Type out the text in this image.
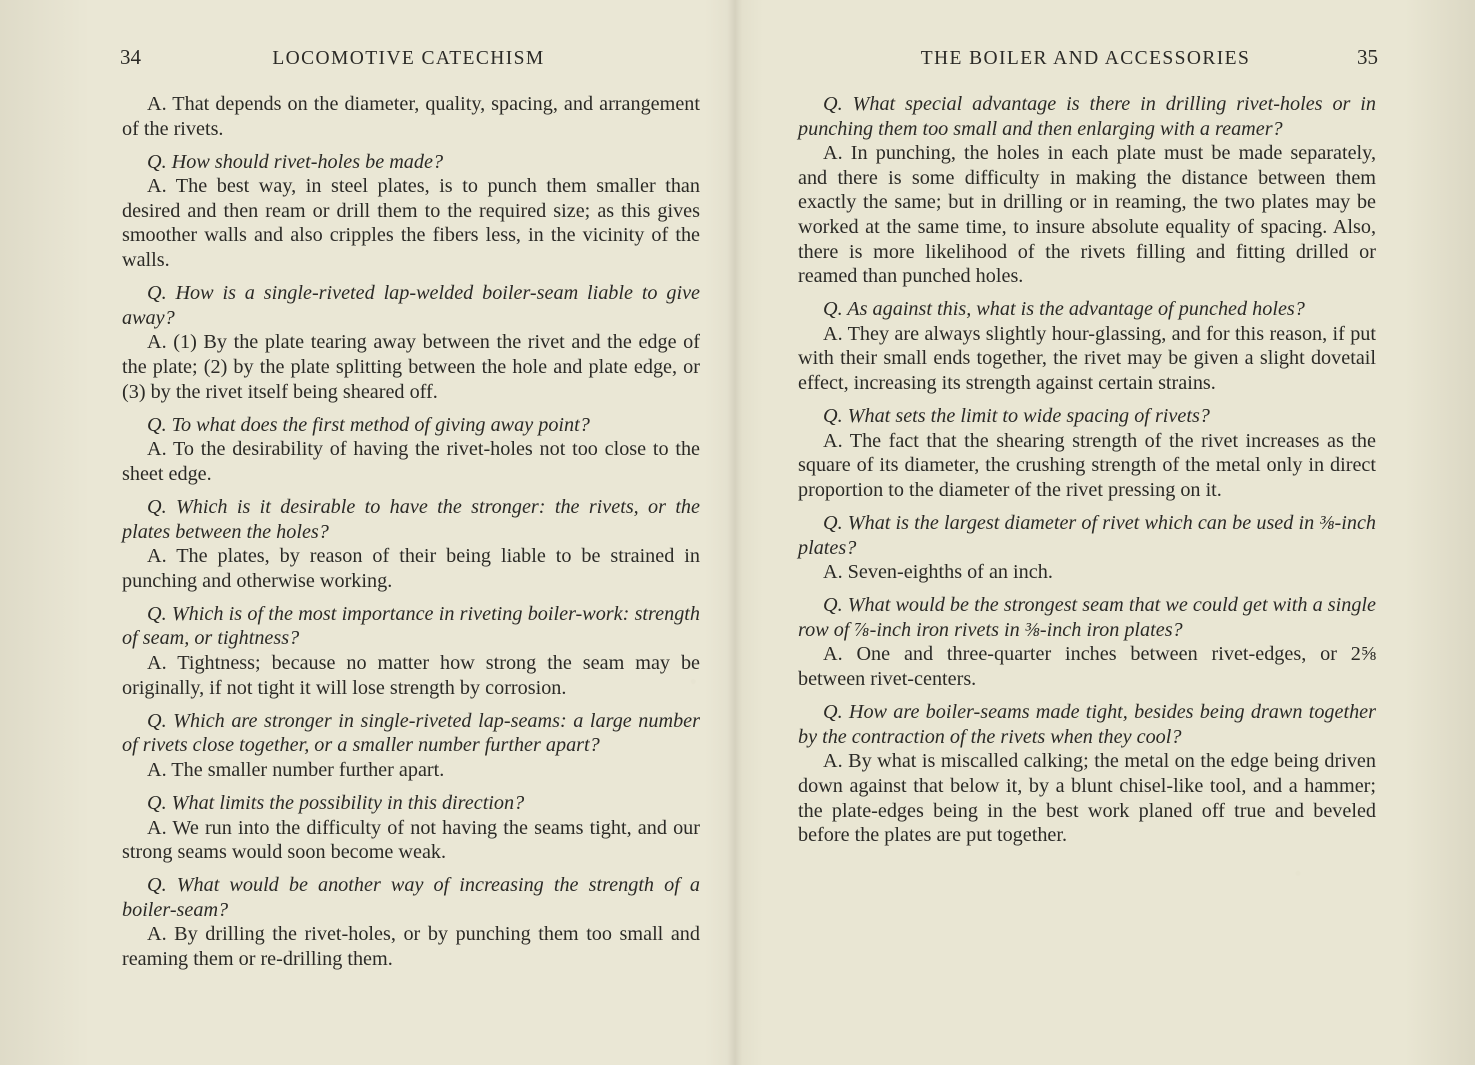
34	LOCOMOTIVE CATECHISM	THE BOILER AND ACCESSORIES	35

A. That depends on the diameter, quality, spacing, and arrangement of the rivets.

Q. How should rivet-holes be made?

A. The best way, in steel plates, is to punch them smaller than desired and then ream or drill them to the required size; as this gives smoother walls and also cripples the fibers less, in the vicinity of the walls.

Q. How is a single-riveted lap-welded boiler-seam liable to give away?

A. (1) By the plate tearing away between the rivet and the edge of the plate; (2) by the plate splitting between the hole and plate edge, or (3) by the rivet itself being sheared off.

Q. To what does the first method of giving away point?

A. To the desirability of having the rivet-holes not too close to the sheet edge.

Q. Which is it desirable to have the stronger: the rivets, or the plates between the holes?

A. The plates, by reason of their being liable to be strained in punching and otherwise working.

Q. Which is of the most importance in riveting boiler-work: strength of seam, or tightness?

A. Tightness; because no matter how strong the seam may be originally, if not tight it will lose strength by corrosion.

Q. Which are stronger in single-riveted lap-seams: a large number of rivets close together, or a smaller number further apart?

A. The smaller number further apart.

Q. What limits the possibility in this direction?

A. We run into the difficulty of not having the seams tight, and our strong seams would soon become weak.

Q. What would be another way of increasing the strength of a boiler-seam?

A. By drilling the rivet-holes, or by punching them too small and reaming them or re-drilling them.

Q. What special advantage is there in drilling rivet-holes or in punching them too small and then enlarging with a reamer?

A. In punching, the holes in each plate must be made separately, and there is some difficulty in making the distance between them exactly the same; but in drilling or in reaming, the two plates may be worked at the same time, to insure absolute equality of spacing. Also, there is more likelihood of the rivets filling and fitting drilled or reamed than punched holes.

Q. As against this, what is the advantage of punched holes?

A. They are always slightly hour-glassing, and for this reason, if put with their small ends together, the rivet may be given a slight dovetail effect, increasing its strength against certain strains.

Q. What sets the limit to wide spacing of rivets?

A. The fact that the shearing strength of the rivet increases as the square of its diameter, the crushing strength of the metal only in direct proportion to the diameter of the rivet pressing on it.

Q. What is the largest diameter of rivet which can be used in ⅜-inch plates?

A. Seven-eighths of an inch.

Q. What would be the strongest seam that we could get with a single row of ⅞-inch iron rivets in ⅜-inch iron plates?

A. One and three-quarter inches between rivet-edges, or 2⅝ between rivet-centers.

Q. How are boiler-seams made tight, besides being drawn together by the contraction of the rivets when they cool?

A. By what is miscalled calking; the metal on the edge being driven down against that below it, by a blunt chisel-like tool, and a hammer; the plate-edges being in the best work planed off true and beveled before the plates are put together.
